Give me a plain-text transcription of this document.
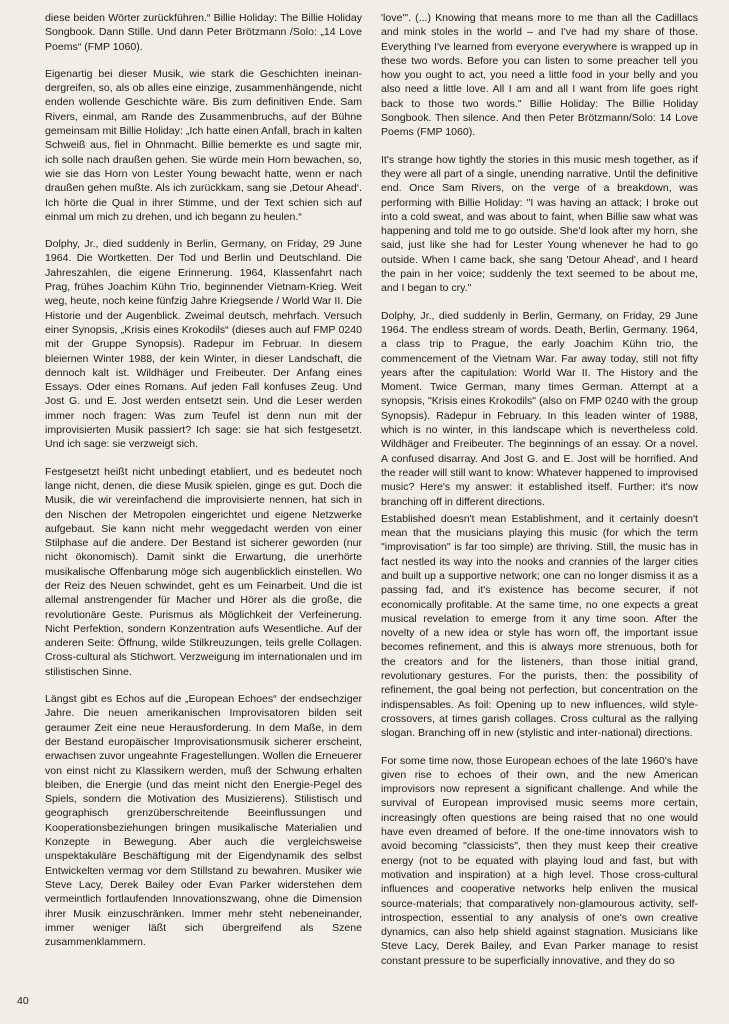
diese beiden Wörter zurückführen.“ Billie Holiday: The Billie Holiday Songbook. Dann Stille. Und dann Peter Brötzmann /Solo: „14 Love Poems“ (FMP 1060).

Eigenartig bei dieser Musik, wie stark die Geschichten ineinandergreifen, so, als ob alles eine einzige, zusammenhängende, nicht enden wollende Geschichte wäre. Bis zum definitiven Ende. Sam Rivers, einmal, am Rande des Zusammenbruchs, auf der Bühne gemeinsam mit Billie Holiday: „Ich hatte einen Anfall, brach in kalten Schweiß aus, fiel in Ohnmacht. Billie bemerkte es und sagte mir, ich solle nach draußen gehen. Sie würde mein Horn bewachen, so, wie sie das Horn von Lester Young bewacht hatte, wenn er nach draußen gehen mußte. Als ich zurückkam, sang sie ‚Detour Ahead‘. Ich hörte die Qual in ihrer Stimme, und der Text schien sich auf einmal um mich zu drehen, und ich begann zu heulen.“

Dolphy, Jr., died suddenly in Berlin, Germany, on Friday, 29 June 1964. Die Wortketten. Der Tod und Berlin und Deutschland. Die Jahreszahlen, die eigene Erinnerung. 1964, Klassenfahrt nach Prag, frühes Joachim Kühn Trio, beginnender Vietnam-Krieg. Weit weg, heute, noch keine fünfzig Jahre Kriegsende / World War II. Die Historie und der Augenblick. Zweimal deutsch, mehrfach. Versuch einer Synopsis, „Krisis eines Krokodils“ (dieses auch auf FMP 0240 mit der Gruppe Synopsis). Radepur im Februar. In diesem bleiernen Winter 1988, der kein Winter, in dieser Landschaft, die dennoch kalt ist. Wildhäger und Freibeuter. Der Anfang eines Essays. Oder eines Romans. Auf jeden Fall konfuses Zeug. Und Jost G. und E. Jost werden entsetzt sein. Und die Leser werden immer noch fragen: Was zum Teufel ist denn nun mit der improvisierten Musik passiert? Ich sage: sie hat sich festgesetzt. Und ich sage: sie verzweigt sich.

Festgesetzt heißt nicht unbedingt etabliert, und es bedeutet noch lange nicht, denen, die diese Musik spielen, ginge es gut. Doch die Musik, die wir vereinfachend die improvisierte nennen, hat sich in den Nischen der Metropolen eingerichtet und eigene Netzwerke aufgebaut. Sie kann nicht mehr weggedacht werden von einer Stilphase auf die andere. Der Bestand ist sicherer geworden (nur nicht ökonomisch). Damit sinkt die Erwartung, die unerhörte musikalische Offenbarung möge sich augenblicklich einstellen. Wo der Reiz des Neuen schwindet, geht es um Feinarbeit. Und die ist allemal anstrengender für Macher und Hörer als die große, die revolutionäre Geste. Purismus als Möglichkeit der Verfeinerung. Nicht Perfektion, sondern Konzentration aufs Wesentliche. Auf der anderen Seite: Öffnung, wilde Stilkreuzungen, teils grelle Collagen. Cross-cultural als Stichwort. Verzweigung im internationalen und im stilistischen Sinne.

Längst gibt es Echos auf die „European Echoes“ der endsechziger Jahre. Die neuen amerikanischen Improvisatoren bilden seit geraumer Zeit eine neue Herausforderung. In dem Maße, in dem der Bestand europäischer Improvisationsmusik sicherer erscheint, erwachsen zuvor ungeahnte Fragestellungen. Wollen die Erneuerer von einst nicht zu Klassikern werden, muß der Schwung erhalten bleiben, die Energie (und das meint nicht den Energie-Pegel des Spiels, sondern die Motivation des Musizierens). Stilistisch und geographisch grenzüberschreitende Beeinflussungen und Kooperationsbeziehungen bringen musikalische Materialien und Konzepte in Bewegung. Aber auch die vergleichsweise unspektakuläre Beschäftigung mit der Eigendynamik des selbst Entwickelten vermag vor dem Stillstand zu bewahren. Musiker wie Steve Lacy, Derek Bailey oder Evan Parker widerstehen dem vermeintlich fortlaufenden Innovationszwang, ohne die Dimension ihrer Musik einzuschränken. Immer mehr steht nebeneinander, immer weniger läßt sich übergreifend als Szene zusammenklammern.

'love'". (...) Knowing that means more to me than all the Cadillacs and mink stoles in the world – and I've had my share of those. Everything I've learned from everyone everywhere is wrapped up in these two words. Before you can listen to some preacher tell you how you ought to act, you need a little food in your belly and you also need a little love. All I am and all I want from life goes right back to those two words." Billie Holiday: The Billie Holiday Songbook. Then silence. And then Peter Brötzmann/Solo: 14 Love Poems (FMP 1060).

It's strange how tightly the stories in this music mesh together, as if they were all part of a single, unending narrative. Until the definitive end. Once Sam Rivers, on the verge of a breakdown, was performing with Billie Holiday: "I was having an attack; I broke out into a cold sweat, and was about to faint, when Billie saw what was happening and told me to go outside. She'd look after my horn, she said, just like she had for Lester Young whenever he had to go outside. When I came back, she sang 'Detour Ahead', and I heard the pain in her voice; suddenly the text seemed to be about me, and I began to cry."

Dolphy, Jr., died suddenly in Berlin, Germany, on Friday, 29 June 1964. The endless stream of words. Death, Berlin, Germany. 1964, a class trip to Prague, the early Joachim Kühn trio, the commencement of the Vietnam War. Far away today, still not fifty years after the capitulation: World War II. The History and the Moment. Twice German, many times German. Attempt at a synopsis, "Krisis eines Krokodils" (also on FMP 0240 with the group Synopsis). Radepur in February. In this leaden winter of 1988, which is no winter, in this landscape which is nevertheless cold. Wildhäger and Freibeuter. The beginnings of an essay. Or a novel. A confused disarray. And Jost G. and E. Jost will be horrified. And the reader will still want to know: Whatever happened to improvised music? Here's my answer: it established itself. Further: it's now branching off in different directions.

Established doesn't mean Establishment, and it certainly doesn't mean that the musicians playing this music (for which the term "improvisation" is far too simple) are thriving. Still, the music has in fact nestled its way into the nooks and crannies of the larger cities and built up a supportive network; one can no longer dismiss it as a passing fad, and it's existence has become securer, if not economically profitable. At the same time, no one expects a great musical revelation to emerge from it any time soon. After the novelty of a new idea or style has worn off, the important issue becomes refinement, and this is always more strenuous, both for the creators and for the listeners, than those initial grand, revolutionary gestures. For the purists, then: the possibility of refinement, the goal being not perfection, but concentration on the indispensables. As foil: Opening up to new influences, wild style-crossovers, at times garish collages. Cross cultural as the rallying slogan. Branching off in new (stylistic and inter-national) directions.

For some time now, those European echoes of the late 1960's have given rise to echoes of their own, and the new American improvisors now represent a significant challenge. And while the survival of European improvised music seems more certain, increasingly often questions are being raised that no one would have even dreamed of before. If the one-time innovators wish to avoid becoming "classicists", then they must keep their creative energy (not to be equated with playing loud and fast, but with motivation and inspiration) at a high level. Those cross-cultural influences and cooperative networks help enliven the musical source-materials; that comparatively non-glamourous activity, self-introspection, essential to any analysis of one's own creative dynamics, can also help shield against stagnation. Musicians like Steve Lacy, Derek Bailey, and Evan Parker manage to resist constant pressure to be superficially innovative, and they do so

40
